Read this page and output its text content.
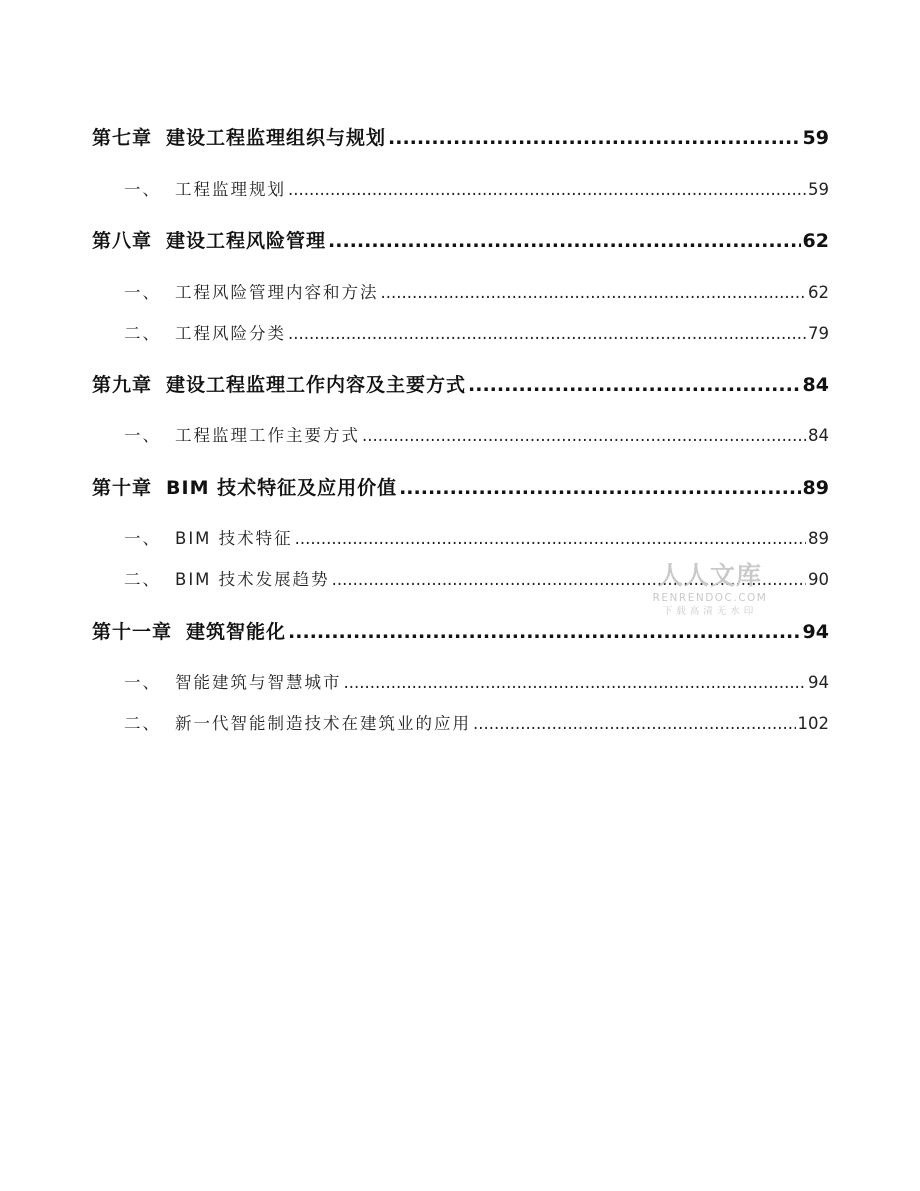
第七章 建设工程监理组织与规划 .....	59
一、 工程监理规划 .....	59
第八章 建设工程风险管理 .....	62
一、 工程风险管理内容和方法 .....	62
二、 工程风险分类 .....	79
第九章 建设工程监理工作内容及主要方式 .....	84
一、 工程监理工作主要方式 .....	84
第十章 BIM 技术特征及应用价值 .....	89
一、 BIM 技术特征 .....	89
二、 BIM 技术发展趋势 .....	90
第十一章 建筑智能化 .....	94
一、 智能建筑与智慧城市 .....	94
二、 新一代智能制造技术在建筑业的应用 .....	102
人人文库
RENRENDOC.COM
下载高清无水印
